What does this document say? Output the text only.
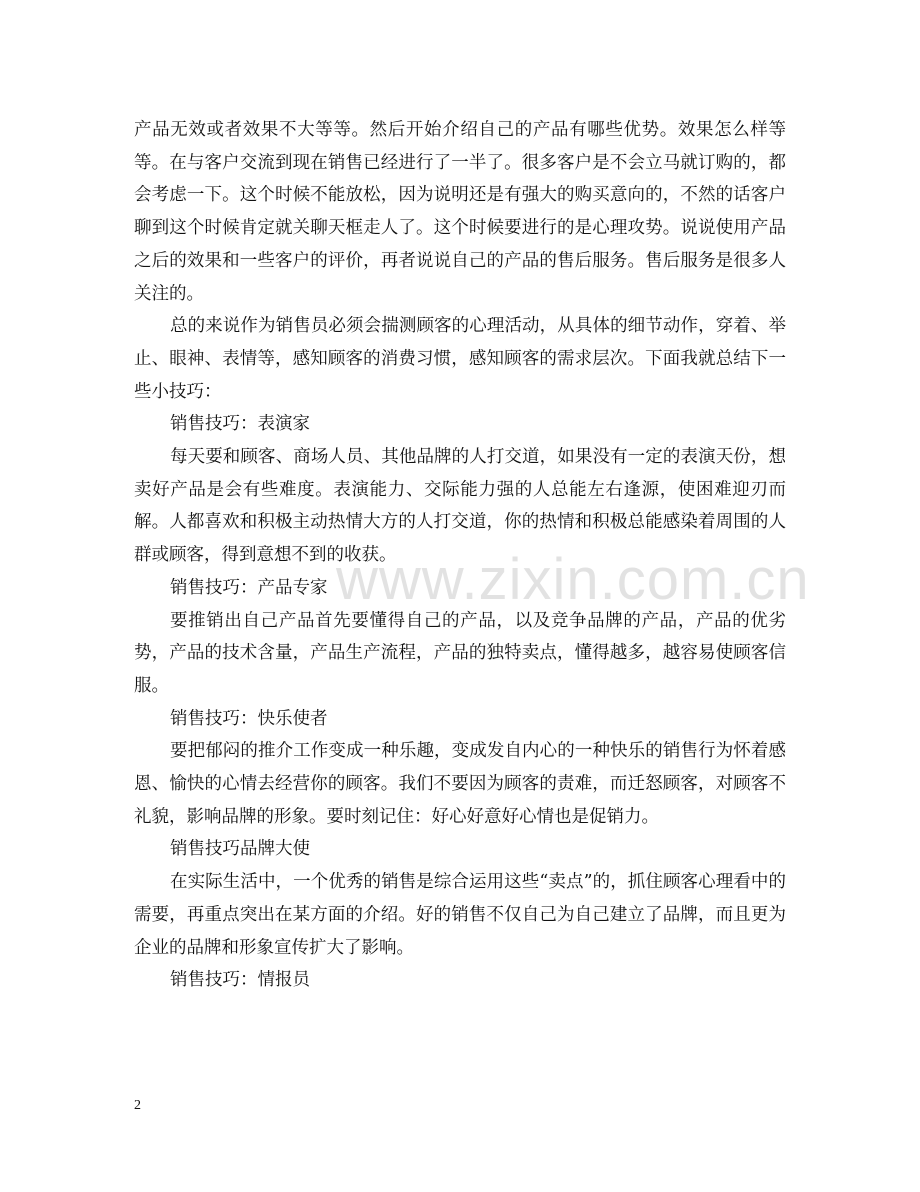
产品无效或者效果不大等等。然后开始介绍自己的产品有哪些优势。效果怎么样等等。在与客户交流到现在销售已经进行了一半了。很多客户是不会立马就订购的，都会考虑一下。这个时候不能放松，因为说明还是有强大的购买意向的，不然的话客户聊到这个时候肯定就关聊天框走人了。这个时候要进行的是心理攻势。说说使用产品之后的效果和一些客户的评价，再者说说自己的产品的售后服务。售后服务是很多人关注的。

总的来说作为销售员必须会揣测顾客的心理活动，从具体的细节动作，穿着、举止、眼神、表情等，感知顾客的消费习惯，感知顾客的需求层次。下面我就总结下一些小技巧：

销售技巧：表演家

每天要和顾客、商场人员、其他品牌的人打交道，如果没有一定的表演天份，想卖好产品是会有些难度。表演能力、交际能力强的人总能左右逢源，使困难迎刃而解。人都喜欢和积极主动热情大方的人打交道，你的热情和积极总能感染着周围的人群或顾客，得到意想不到的收获。

销售技巧：产品专家

要推销出自己产品首先要懂得自己的产品，以及竞争品牌的产品，产品的优劣势，产品的技术含量，产品生产流程，产品的独特卖点，懂得越多，越容易使顾客信服。

销售技巧：快乐使者

要把郁闷的推介工作变成一种乐趣，变成发自内心的一种快乐的销售行为怀着感恩、愉快的心情去经营你的顾客。我们不要因为顾客的责难，而迁怒顾客，对顾客不礼貌，影响品牌的形象。要时刻记住：好心好意好心情也是促销力。

销售技巧品牌大使

在实际生活中，一个优秀的销售是综合运用这些“卖点”的，抓住顾客心理看中的需要，再重点突出在某方面的介绍。好的销售不仅自己为自己建立了品牌，而且更为企业的品牌和形象宣传扩大了影响。

销售技巧：情报员

www.zixin.com.cn
2
